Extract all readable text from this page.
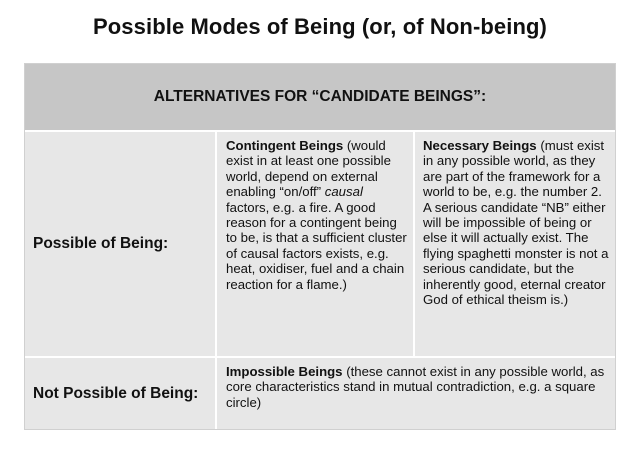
Possible Modes of Being (or, of Non-being)
ALTERNATIVES FOR “CANDIDATE BEINGS”:
Possible of Being:
Contingent Beings (would exist in at least one possible world, depend on external enabling “on/off” causal factors, e.g. a fire. A good reason for a contingent being to be, is that a sufficient cluster of causal factors exists, e.g. heat, oxidiser, fuel and a chain reaction for a flame.)
Necessary Beings (must exist in any possible world, as they are part of the framework for a world to be, e.g. the number 2. A serious candidate “NB” either will be impossible of being or else it will actually exist. The flying spaghetti monster is not a serious candidate, but the inherently good, eternal creator God of ethical theism is.)
Not Possible of Being:
Impossible Beings (these cannot exist in any possible world, as core characteristics stand in mutual contradiction, e.g. a square circle)
